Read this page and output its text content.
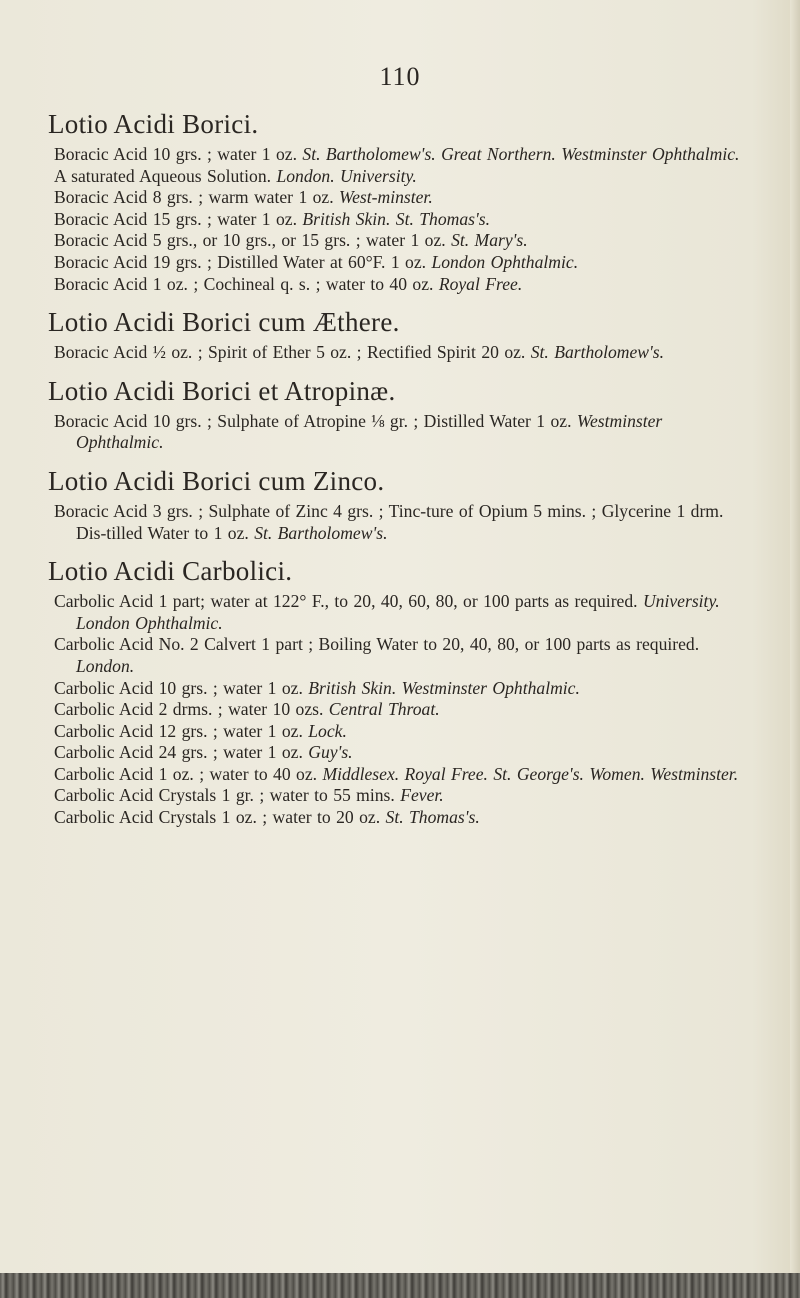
110
Lotio Acidi Borici.

Boracic Acid 10 grs. ; water 1 oz. St. Bartholomew's. Great Northern. Westminster Ophthalmic.

A saturated Aqueous Solution. London. University.

Boracic Acid 8 grs. ; warm water 1 oz. West-minster.

Boracic Acid 15 grs. ; water 1 oz. British Skin. St. Thomas's.

Boracic Acid 5 grs., or 10 grs., or 15 grs. ; water 1 oz. St. Mary's.

Boracic Acid 19 grs. ; Distilled Water at 60°F. 1 oz. London Ophthalmic.

Boracic Acid 1 oz. ; Cochineal q. s. ; water to 40 oz. Royal Free.

Lotio Acidi Borici cum Æthere.

Boracic Acid ½ oz. ; Spirit of Ether 5 oz. ; Rectified Spirit 20 oz. St. Bartholomew's.

Lotio Acidi Borici et Atropinæ.

Boracic Acid 10 grs. ; Sulphate of Atropine ⅛ gr. ; Distilled Water 1 oz. Westminster Ophthalmic.

Lotio Acidi Borici cum Zinco.

Boracic Acid 3 grs. ; Sulphate of Zinc 4 grs. ; Tinc-ture of Opium 5 mins. ; Glycerine 1 drm. Dis-tilled Water to 1 oz. St. Bartholomew's.

Lotio Acidi Carbolici.

Carbolic Acid 1 part; water at 122° F., to 20, 40, 60, 80, or 100 parts as required. University. London Ophthalmic.

Carbolic Acid No. 2 Calvert 1 part ; Boiling Water to 20, 40, 80, or 100 parts as required. London.

Carbolic Acid 10 grs. ; water 1 oz. British Skin. Westminster Ophthalmic.

Carbolic Acid 2 drms. ; water 10 ozs. Central Throat.

Carbolic Acid 12 grs. ; water 1 oz. Lock.

Carbolic Acid 24 grs. ; water 1 oz. Guy's.

Carbolic Acid 1 oz. ; water to 40 oz. Middlesex. Royal Free. St. George's. Women. Westminster.

Carbolic Acid Crystals 1 gr. ; water to 55 mins. Fever.

Carbolic Acid Crystals 1 oz. ; water to 20 oz. St. Thomas's.
